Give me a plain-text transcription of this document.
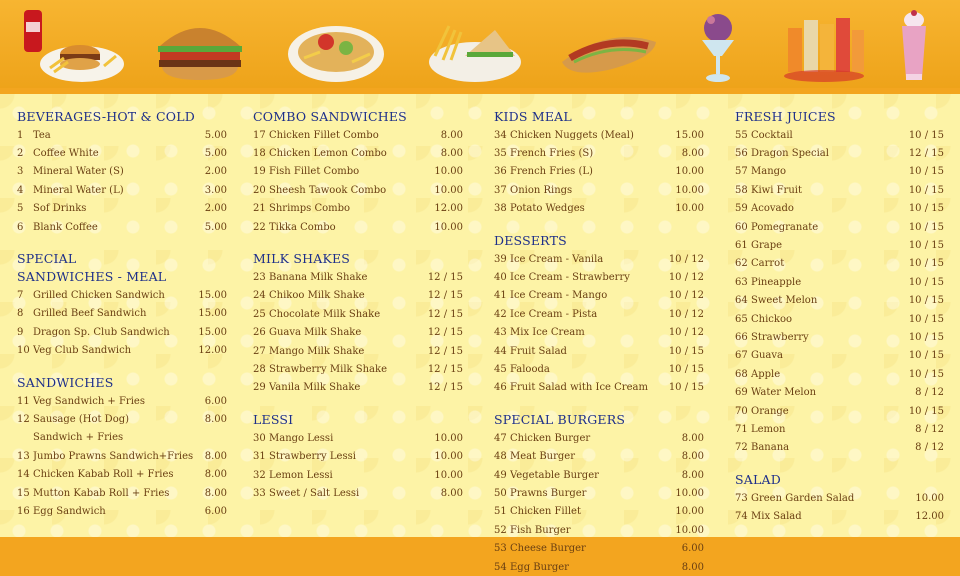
BEVERAGES-HOT & COLD
1 Tea	5.00
2 Coffee White	5.00
3 Mineral Water (S)	2.00
4 Mineral Water (L)	3.00
5 Sof Drinks	2.00
6 Blank Coffee	5.00
SPECIAL
SANDWICHES - MEAL
7 Grilled Chicken Sandwich	15.00
8 Grilled Beef Sandwich	15.00
9 Dragon Sp. Club Sandwich	15.00
10 Veg Club Sandwich	12.00
SANDWICHES
11 Veg Sandwich + Fries	6.00
12 Sausage (Hot Dog)	8.00
Sandwich + Fries
13 Jumbo Prawns Sandwich+Fries	8.00
14 Chicken Kabab Roll + Fries	8.00
15 Mutton Kabab Roll + Fries	8.00
16 Egg Sandwich	6.00
COMBO SANDWICHES
17 Chicken Fillet Combo	8.00
18 Chicken Lemon Combo	8.00
19 Fish Fillet Combo	10.00
20 Sheesh Tawook Combo	10.00
21 Shrimps Combo	12.00
22 Tikka Combo	10.00
MILK SHAKES
23 Banana Milk Shake	12 / 15
24 Chikoo Milk Shake	12 / 15
25 Chocolate Milk Shake	12 / 15
26 Guava Milk Shake	12 / 15
27 Mango Milk Shake	12 / 15
28 Strawberry Milk Shake	12 / 15
29 Vanila Milk Shake	12 / 15
LESSI
30 Mango Lessi	10.00
31 Strawberry Lessi	10.00
32 Lemon Lessi	10.00
33 Sweet / Salt Lessi	8.00
KIDS MEAL
34 Chicken Nuggets (Meal)	15.00
35 French Fries (S)	8.00
36 French Fries (L)	10.00
37 Onion Rings	10.00
38 Potato Wedges	10.00
DESSERTS
39 Ice Cream - Vanila	10 / 12
40 Ice Cream - Strawberry	10 / 12
41 Ice Cream - Mango	10 / 12
42 Ice Cream - Pista	10 / 12
43 Mix Ice Cream	10 / 12
44 Fruit Salad	10 / 15
45 Falooda	10 / 15
46 Fruit Salad with Ice Cream	10 / 15
SPECIAL BURGERS
47 Chicken Burger	8.00
48 Meat Burger	8.00
49 Vegetable Burger	8.00
50 Prawns Burger	10.00
51 Chicken Fillet	10.00
52 Fish Burger	10.00
53 Cheese Burger	6.00
54 Egg Burger	8.00
FRESH JUICES
55 Cocktail	10 / 15
56 Dragon Special	12 / 15
57 Mango	10 / 15
58 Kiwi Fruit	10 / 15
59 Acovado	10 / 15
60 Pomegranate	10 / 15
61 Grape	10 / 15
62 Carrot	10 / 15
63 Pineapple	10 / 15
64 Sweet Melon	10 / 15
65 Chickoo	10 / 15
66 Strawberry	10 / 15
67 Guava	10 / 15
68 Apple	10 / 15
69 Water Melon	8 / 12
70 Orange	10 / 15
71 Lemon	8 / 12
72 Banana	8 / 12
SALAD
73 Green Garden Salad	10.00
74 Mix Salad	12.00
